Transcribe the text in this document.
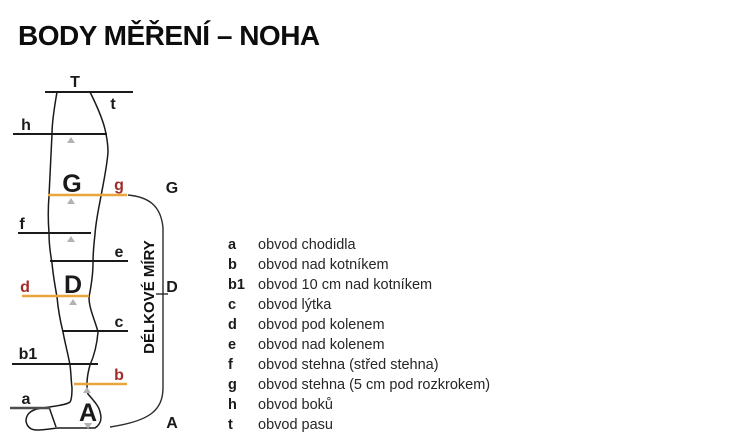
BODY MĚŘENÍ – NOHA
T
t
h
G g	G
f
e
d D	D
c
b1
b
a A	A
DÉLKOVÉ MÍRY	a	obvod chodidla
b	obvod nad kotníkem
b1 obvod 10 cm nad kotníkem
c	obvod lýtka
d	obvod pod kolenem
e	obvod nad kolenem
f	obvod stehna (střed stehna)
g	obvod stehna (5 cm pod rozkrokem)
h	obvod boků
t	obvod pasu
